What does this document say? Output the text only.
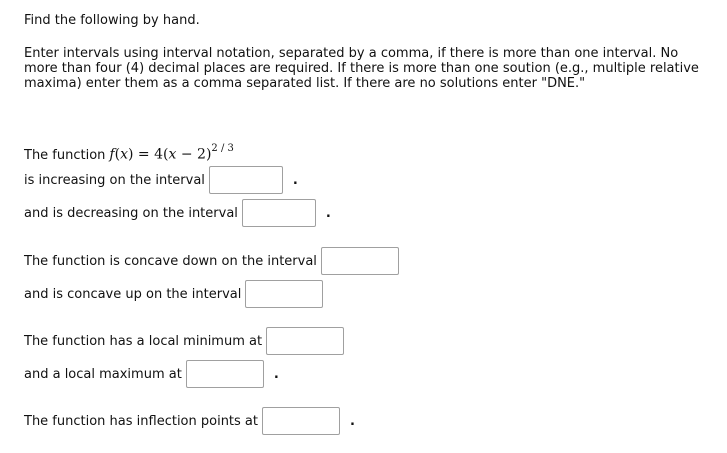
Find the following by hand.
Enter intervals using interval notation, separated by a comma, if there is more than one interval. No more than four (4) decimal places are required. If there is more than one soution (e.g., multiple relative maxima) enter them as a comma separated list. If there are no solutions enter "DNE."
The function $f(x) = 4(x - 2)^{2 / 3}$
is increasing on the interval	.
and is decreasing on the interval	.
The function is concave down on the interval
and is concave up on the interval
The function has a local minimum at
and a local maximum at	.
The function has inflection points at	.
